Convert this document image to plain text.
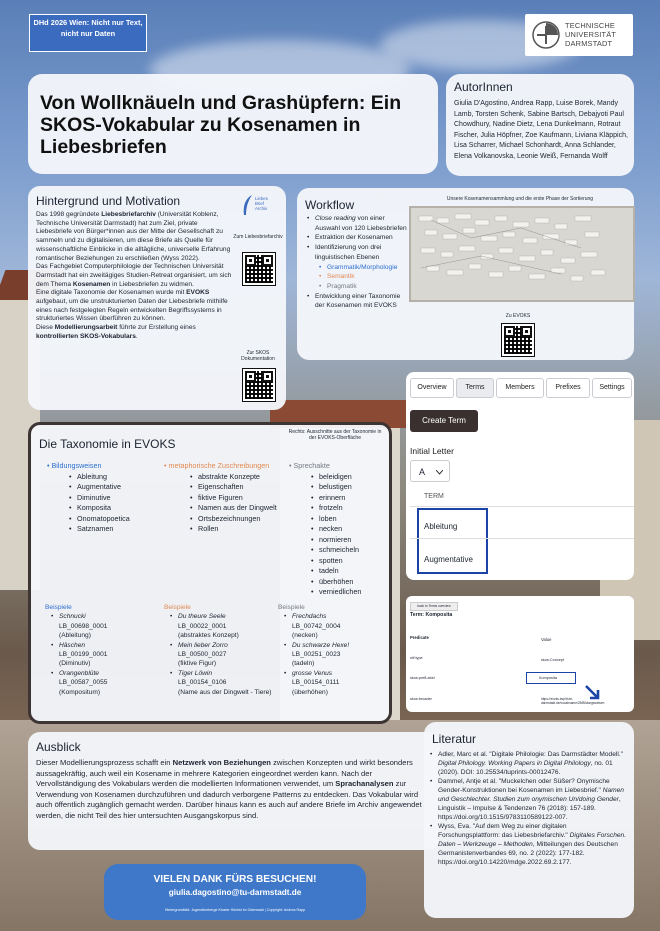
DHd 2026 Wien: Nicht nur Text, nicht nur Daten
TECHNISCHE
UNIVERSITÄT
DARMSTADT
Von Wollknäueln und Grashüpfern: Ein SKOS-Vokabular zu Kosenamen in Liebesbriefen
AutorInnen
Giulia D'Agostino, Andrea Rapp, Luise Borek, Mandy Lamb, Torsten Schenk, Sabine Bartsch, Debajyoti Paul Chowdhury, Nadine Dietz, Lena Dunkelmann, Rotraut Fischer, Julia Höpfner, Zoe Kaufmann, Liviana Kläppich, Lisa Scharrer, Michael Schonhardt, Anna Schlander, Elena Volkanovska, Leonie Weiß, Fernanda Wolff
Hintergrund und Motivation
Das 1998 gegründete Liebesbriefarchiv (Universität Koblenz, Technische Universität Darmstadt) hat zum Ziel, private Liebesbriefe von Bürger*innen aus der Mitte der Gesellschaft zu sammeln und zu digitalisieren, um diese Briefe als Quelle für wissenschaftliche Einblicke in die alltägliche, universelle Erfahrung romantischer Beziehungen zu erschließen (Wyss 2022).
Das Fachgebiet Computerphilologie der Technischen Universität Darmstadt hat ein zweitägiges Studien-Retreat organisiert, um sich dem Thema Kosenamen in Liebesbriefen zu widmen.
Eine digitale Taxonomie der Kosenamen wurde mit EVOKS aufgebaut, um die unstrukturierten Daten der Liebesbriefe mithilfe eines nach festgelegten Regeln entwickelten Begriffssystems in strukturiertes Wissen überführen zu können.
Diese Modellierungsarbeit führte zur Erstellung eines kontrollierten SKOS-Vokabulars.
Liebes Brief Archiv
Zum Liebesbriefarchiv
Zur SKOS Dokumentation
Workflow
• Close reading von einer Auswahl von 120 Liebesbriefen
• Extraktion der Kosenamen
• Identifizierung von drei linguistischen Ebenen
• Grammatik/Morphologie
• Semantik
• Pragmatik
• Entwicklung einer Taxonomie der Kosenamen mit EVOKS
Unsere Kosenamensammlung und die erste Phase der Sortierung
Zu EVOKS
Overview	Terms	Members	Prefixes	Settings
Create Term
Initial Letter
A
TERM
Ableitung
Augmentative
back to Terms overview
Term: Komposita
Predicate	Value
rdf:type	skos:Concept
skos:prefLabel	Komposita
skos:broader	https://evoks.bsp/tt.de-darmstadt.de/vocabname/25/Bildungsweisen
Die Taxonomie in EVOKS
Rechts: Ausschnitte aus der Taxonomie in der EVOKS-Oberfläche
• Bildungsweisen
• Ableitung
• Augmentative
• Diminutive
• Komposita
• Onomatopoetica
• Satznamen
• metaphorische Zuschreibungen
• abstrakte Konzepte
• Eigenschaften
• fiktive Figuren
• Namen aus der Dingwelt
• Ortsbezeichnungen
• Rollen
• Sprechakte
• beleidigen
• belustigen
• erinnern
• frotzeln
• loben
• necken
• normieren
• schmeicheln
• spotten
• tadeln
• überhöhen
• verniedlichen
Beispiele
• Schnucki
LB_00698_0001
(Ableitung)
• Häschen
LB_00199_0001
(Diminutiv)
• Orangenblüte
LB_00587_0055
(Kompositum)
Beispiele
• Du theure Seele
LB_00022_0001
(abstraktes Konzept)
• Mein lieber Zorro
LB_00500_0027
(fiktive Figur)
• Tiger Löwin
LB_00154_0106
(Name aus der Dingwelt - Tiere)
Beispiele
• Frechdachs
LB_00742_0004
(necken)
• Du schwarze Hexe!
LB_00251_0023
(tadeln)
• grosse Venus
LB_00154_0111
(überhöhen)
Ausblick
Dieser Modellierungsprozess schafft ein Netzwerk von Beziehungen zwischen Konzepten und wirkt besonders aussagekräftig, auch weil ein Kosename in mehrere Kategorien eingeordnet werden kann. Nach der Vervollständigung des Vokabulars werden die modellierten Informationen verwendet, um Sprachanalysen zur Verwendung von Kosenamen durchzuführen und dadurch verborgene Patterns zu entdecken. Das Vokabular wird auch öffentlich zugänglich gemacht werden. Darüber hinaus kann es auch auf andere Briefe im Archiv angewendet werden, die nicht Teil des hier untersuchten Ausgangskorpus sind.
Literatur
• Adler, Marc et al. "Digitale Philologie: Das Darmstädter Modell." Digital Philology. Working Papers in Digital Philology, no. 01 (2020). DOI: 10.25534/tuprints-00012476.
• Dammel, Antje et al. "Muckelchen oder Süßer? Onymische Gender-Konstruktionen bei Kosenamen im Liebesbrief." Namen und Geschlechter. Studien zum onymischen Un/doing Gender, Linguistik – Impulse & Tendenzen 76 (2018): 157-189. https://doi.org/10.1515/9783110589122-007.
• Wyss, Eva. "Auf dem Weg zu einer digitalen Forschungsplattform: das Liebesbriefarchiv." Digitales Forschen. Daten – Werkzeuge – Methoden, Mitteilungen des Deutschen Germanistenverbandes 69, no. 2 (2022): 177-182. https://doi.org/10.14220/mdge.2022.69.2.177.
VIELEN DANK FÜRS BESUCHEN!
giulia.dagostino@tu-darmstadt.de
Hintergrundbild: Jugendherberge Kloster Höchst im Odenwald | Copyright: Andrea Rapp
